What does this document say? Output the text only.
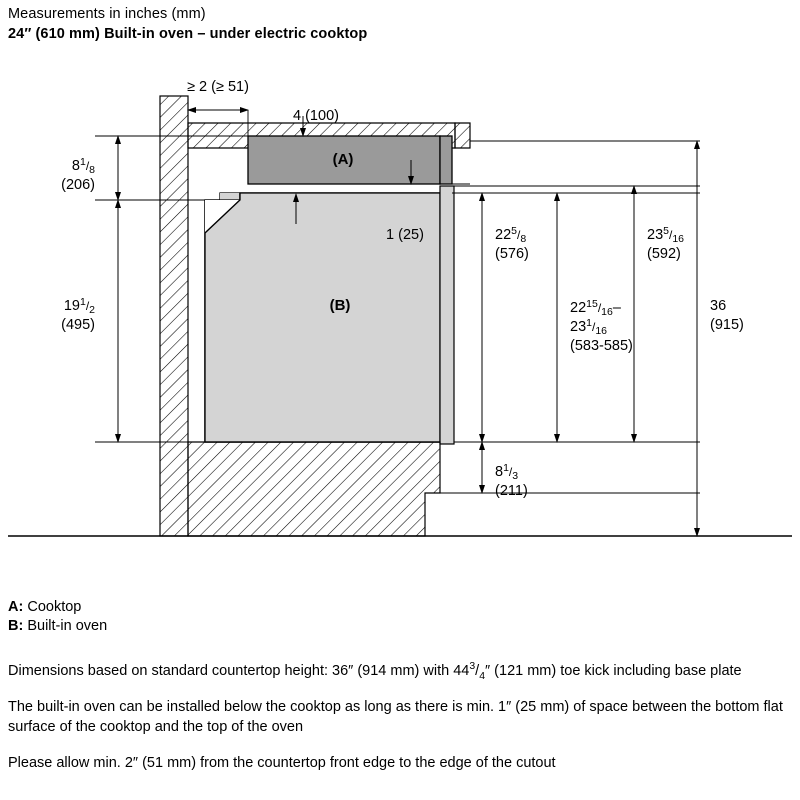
Measurements in inches (mm)
24″ (610 mm) Built-in oven – under electric cooktop
(A)
(B)
≥ 2 (≥ 51)
4 (100)
1 (25)
$8^1_{/8}$
(206)
$19^1_{/2}$
(495)
$22^5_{/8}$
(576)
$22^{15}_{/16}-$
$23^1_{/16}$
(583-585)
$23^5_{/16}$
(592)
$8^1_{/3}$
(211)
36
(915)

A: Cooktop

B: Built-in oven

Dimensions based on standard countertop height: 36″ (914 mm) with $44^3/_4''$ (121 mm) toe kick including base plate

The built-in oven can be installed below the cooktop as long as there is min. 1″ (25 mm) of space between the bottom flat surface of the cooktop and the top of the oven

Please allow min. 2″ (51 mm) from the countertop front edge to the edge of the cutout
